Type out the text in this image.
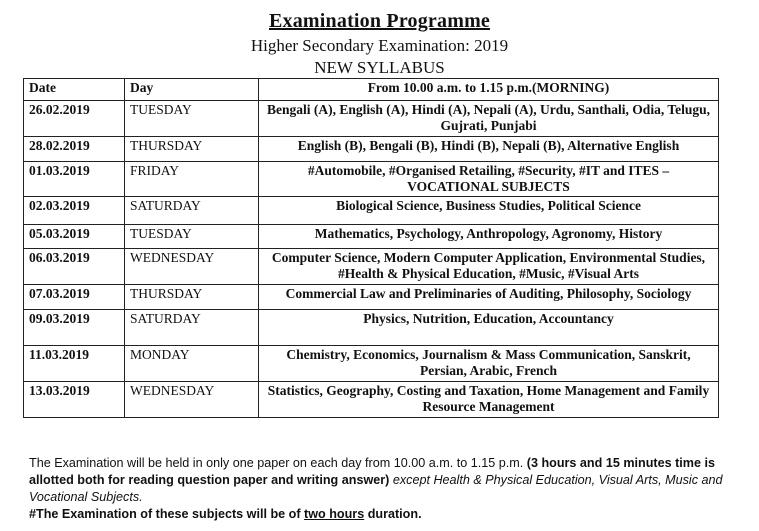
Examination Programme
Higher Secondary Examination: 2019
NEW SYLLABUS
Date	Day	From 10.00 a.m. to 1.15 p.m.(MORNING)
26.02.2019	TUESDAY	Bengali (A), English (A), Hindi (A), Nepali (A), Urdu, Santhali, Odia, Telugu, Gujrati, Punjabi
28.02.2019	THURSDAY	English (B), Bengali (B), Hindi (B), Nepali (B), Alternative English
01.03.2019	FRIDAY	#Automobile, #Organised Retailing, #Security, #IT and ITES – VOCATIONAL SUBJECTS
02.03.2019	SATURDAY	Biological Science, Business Studies, Political Science
05.03.2019	TUESDAY	Mathematics, Psychology, Anthropology, Agronomy, History
06.03.2019	WEDNESDAY	Computer Science, Modern Computer Application, Environmental Studies, #Health & Physical Education, #Music, #Visual Arts
07.03.2019	THURSDAY	Commercial Law and Preliminaries of Auditing, Philosophy, Sociology
09.03.2019	SATURDAY	Physics, Nutrition, Education, Accountancy
11.03.2019	MONDAY	Chemistry, Economics, Journalism & Mass Communication, Sanskrit, Persian, Arabic, French
13.03.2019	WEDNESDAY	Statistics, Geography, Costing and Taxation, Home Management and Family Resource Management

The Examination will be held in only one paper on each day from 10.00 a.m. to 1.15 p.m. (3 hours and 15 minutes time is allotted both for reading question paper and writing answer) except Health & Physical Education, Visual Arts, Music and Vocational Subjects.

#The Examination of these subjects will be of two hours duration.
